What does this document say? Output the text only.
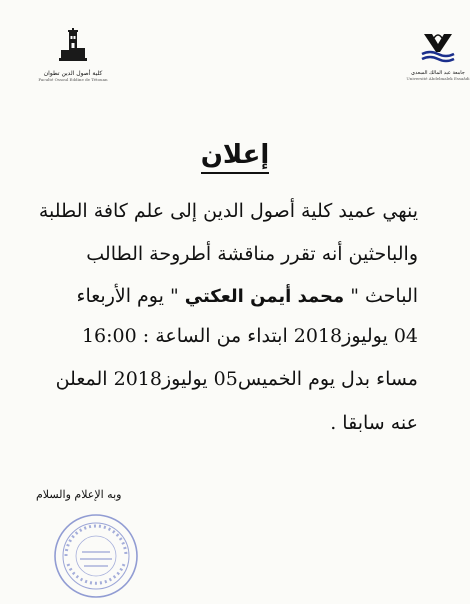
كلية أصول الدين تطوان
Faculté Ossoul Eddine de Tétouan
جامعة عبد المالك السعدي
Université Abdelmalek Essaâdi
إعلان
ينهي عميد كلية أصول الدين إلى علم كافة الطلبة
والباحثين أنه تقرر مناقشة أطروحة الطالب
الباحث " محمد أيمن العكتي " يوم الأربعاء
04 يوليوز2018 ابتداء من الساعة : 16:00
مساء بدل يوم الخميس05 يوليوز2018 المعلن
عنه سابقا .
وبه الإعلام والسلام
